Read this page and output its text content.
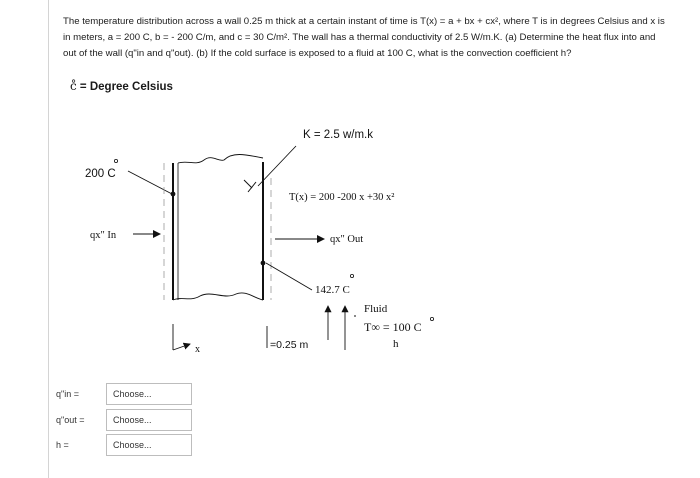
The temperature distribution across a wall 0.25 m thick at a certain instant of time is T(x) = a + bx + cx², where T is in degrees Celsius and x is

in meters, a = 200 C, b = - 200 C/m, and c = 30 C/m². The wall has a thermal conductivity of 2.5 W/m.K. (a) Determine the heat flux into and

out of the wall (q"in and q"out). (b) If the cold surface is exposed to a fluid at 100 C, what is the convection coefficient h?

c̊ = Degree Celsius
K = 2.5 w/m.k
200 C
T(x) = 200 -200 x +30 x²
qx" In	qx" Out
142.7 C
Fluid
T∞ = 100 C
h
x	=0.25 m
q"in =	Choose...
q"out =	Choose...
h =	Choose...
